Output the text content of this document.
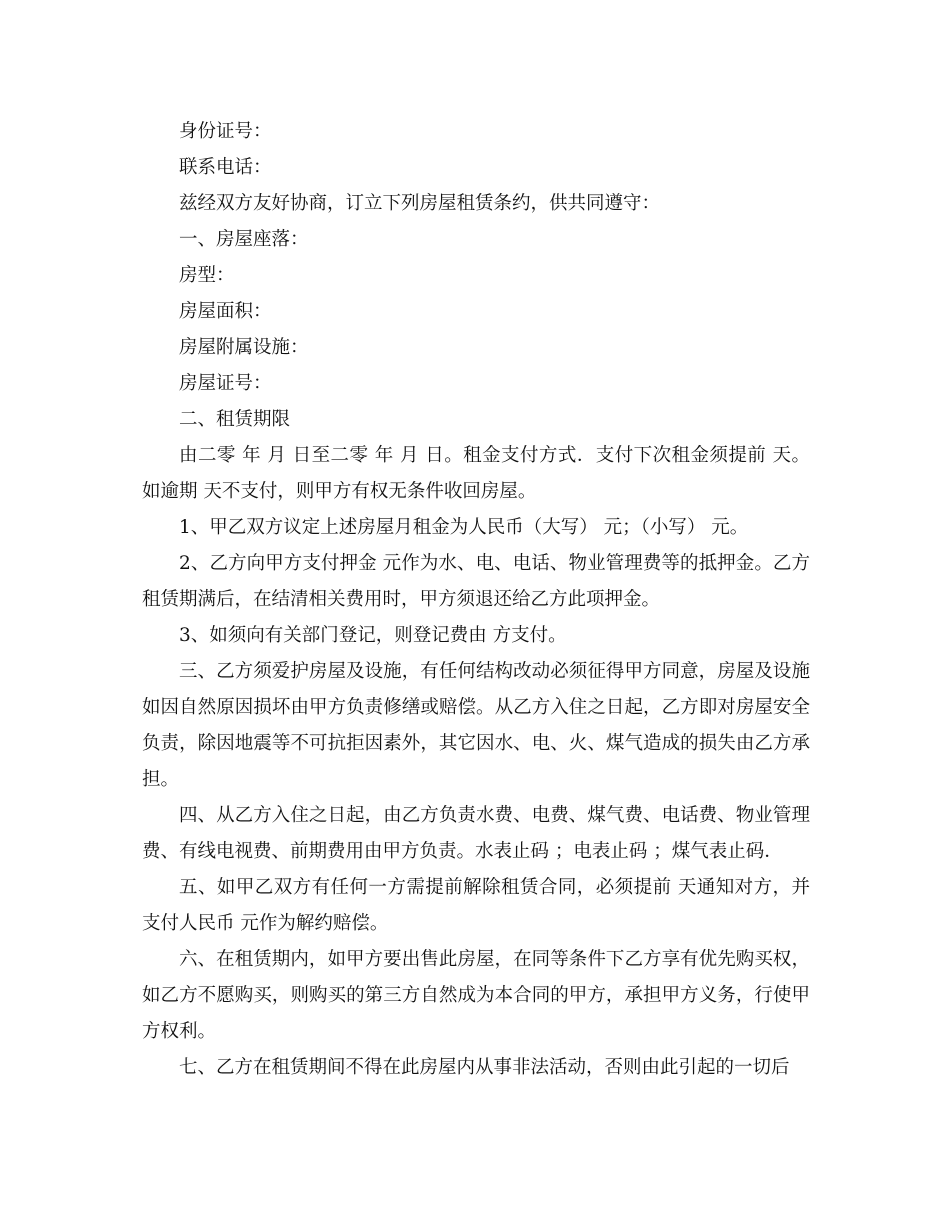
身份证号：

联系电话：

兹经双方友好协商，订立下列房屋租赁条约，供共同遵守：

一、房屋座落：

房型：

房屋面积：

房屋附属设施：

房屋证号：

二、租赁期限

由二零 年 月 日至二零 年 月 日。租金支付方式．支付下次租金须提前 天。如逾期 天不支付，则甲方有权无条件收回房屋。

1、甲乙双方议定上述房屋月租金为人民币（大写） 元；（小写） 元。

2、乙方向甲方支付押金 元作为水、电、电话、物业管理费等的抵押金。乙方租赁期满后，在结清相关费用时，甲方须退还给乙方此项押金。

3、如须向有关部门登记，则登记费由 方支付。

三、乙方须爱护房屋及设施，有任何结构改动必须征得甲方同意，房屋及设施如因自然原因损坏由甲方负责修缮或赔偿。从乙方入住之日起，乙方即对房屋安全负责，除因地震等不可抗拒因素外，其它因水、电、火、煤气造成的损失由乙方承担。

四、从乙方入住之日起，由乙方负责水费、电费、煤气费、电话费、物业管理费、有线电视费、前期费用由甲方负责。水表止码 ；电表止码 ；煤气表止码．

五、如甲乙双方有任何一方需提前解除租赁合同，必须提前 天通知对方，并支付人民币 元作为解约赔偿。

六、在租赁期内，如甲方要出售此房屋，在同等条件下乙方享有优先购买权，如乙方不愿购买，则购买的第三方自然成为本合同的甲方，承担甲方义务，行使甲方权利。

七、乙方在租赁期间不得在此房屋内从事非法活动，否则由此引起的一切后
